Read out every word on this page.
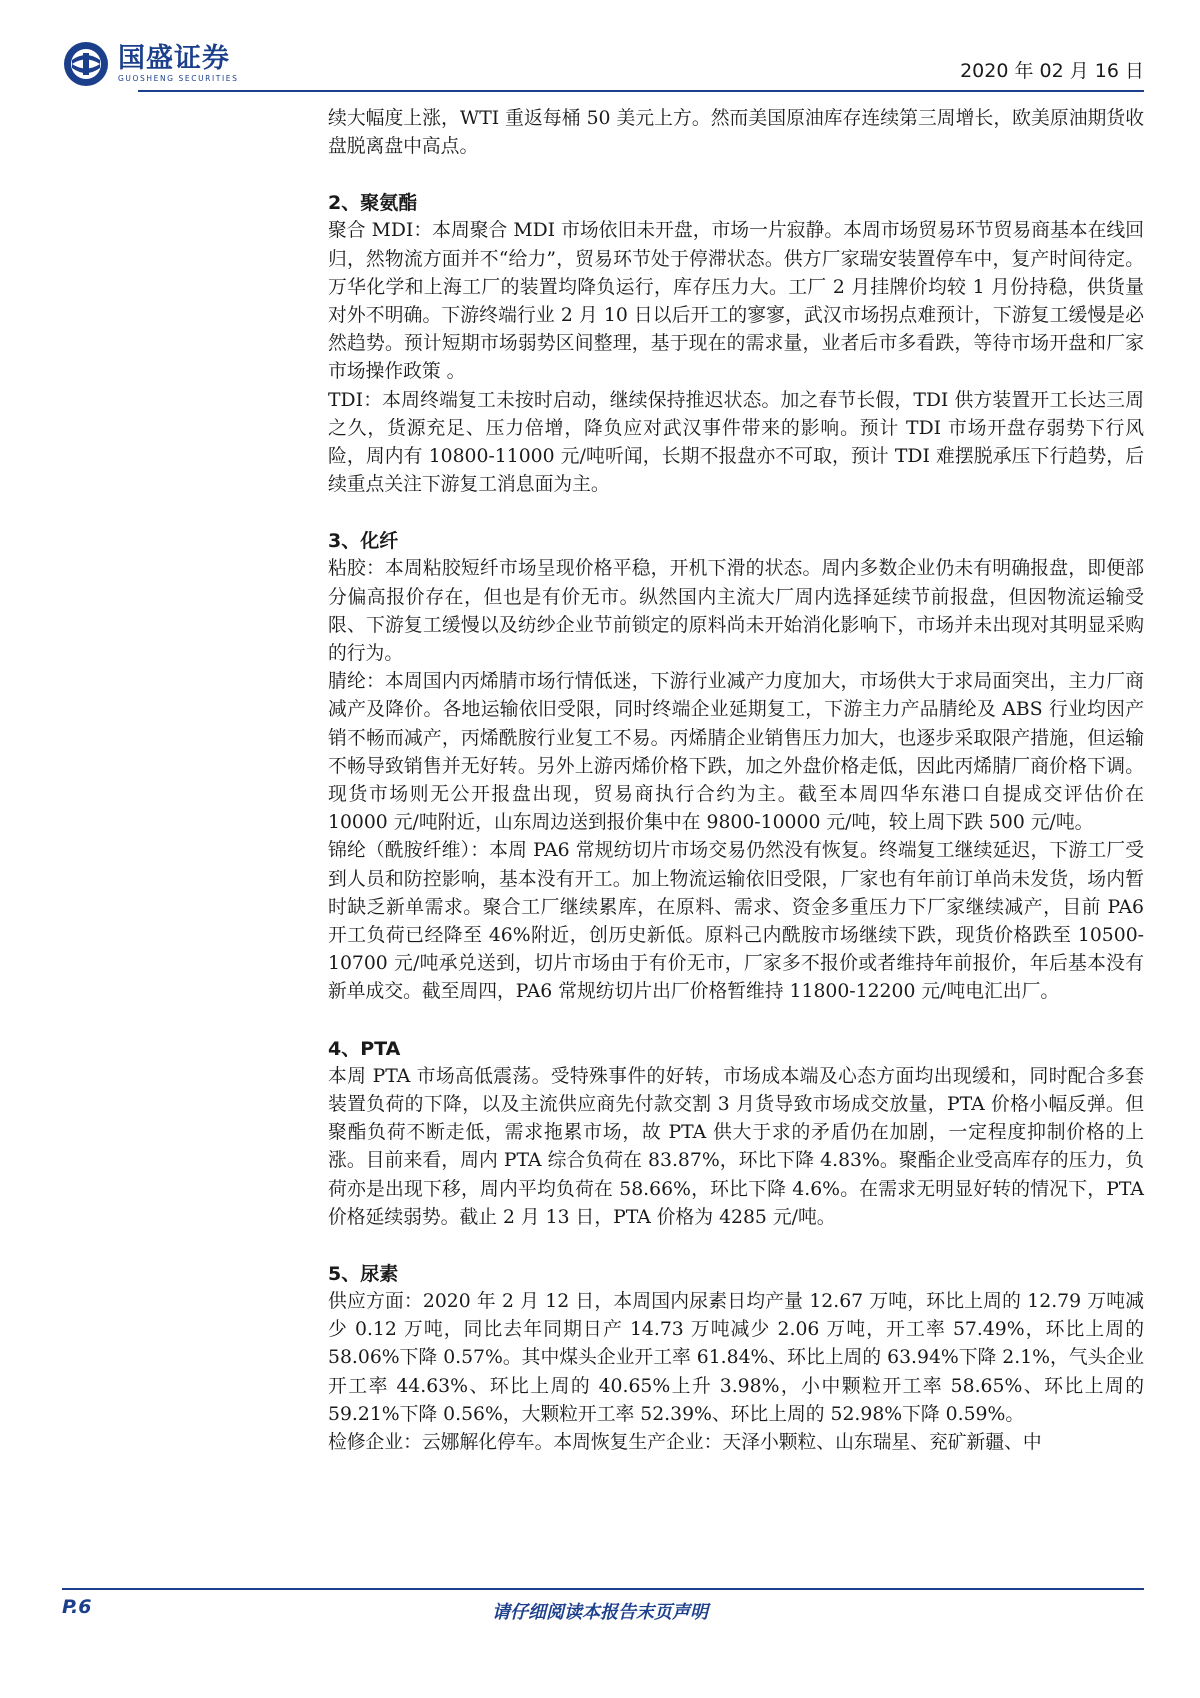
国盛证券
GUOSHENG SECURITIES	2020 年 02 月 16 日

续大幅度上涨，WTI 重返每桶 50 美元上方。然而美国原油库存连续第三周增长，欧美原油期货收盘脱离盘中高点。

2、聚氨酯

聚合 MDI：本周聚合 MDI 市场依旧未开盘，市场一片寂静。本周市场贸易环节贸易商基本在线回归，然物流方面并不“给力”，贸易环节处于停滞状态。供方厂家瑞安装置停车中，复产时间待定。万华化学和上海工厂的装置均降负运行，库存压力大。工厂 2 月挂牌价均较 1 月份持稳，供货量对外不明确。下游终端行业 2 月 10 日以后开工的寥寥，武汉市场拐点难预计，下游复工缓慢是必然趋势。预计短期市场弱势区间整理，基于现在的需求量，业者后市多看跌，等待市场开盘和厂家市场操作政策 。

TDI：本周终端复工未按时启动，继续保持推迟状态。加之春节长假，TDI 供方装置开工长达三周之久，货源充足、压力倍增，降负应对武汉事件带来的影响。预计 TDI 市场开盘存弱势下行风险，周内有 10800-11000 元/吨听闻，长期不报盘亦不可取，预计 TDI 难摆脱承压下行趋势，后续重点关注下游复工消息面为主。

3、化纤

粘胶：本周粘胶短纤市场呈现价格平稳，开机下滑的状态。周内多数企业仍未有明确报盘，即便部分偏高报价存在，但也是有价无市。纵然国内主流大厂周内选择延续节前报盘，但因物流运输受限、下游复工缓慢以及纺纱企业节前锁定的原料尚未开始消化影响下，市场并未出现对其明显采购的行为。

腈纶：本周国内丙烯腈市场行情低迷，下游行业减产力度加大，市场供大于求局面突出，主力厂商减产及降价。各地运输依旧受限，同时终端企业延期复工，下游主力产品腈纶及 ABS 行业均因产销不畅而减产，丙烯酰胺行业复工不易。丙烯腈企业销售压力加大，也逐步采取限产措施，但运输不畅导致销售并无好转。另外上游丙烯价格下跌，加之外盘价格走低，因此丙烯腈厂商价格下调。现货市场则无公开报盘出现，贸易商执行合约为主。截至本周四华东港口自提成交评估价在 10000 元/吨附近，山东周边送到报价集中在 9800-10000 元/吨，较上周下跌 500 元/吨。

锦纶（酰胺纤维）：本周 PA6 常规纺切片市场交易仍然没有恢复。终端复工继续延迟，下游工厂受到人员和防控影响，基本没有开工。加上物流运输依旧受限，厂家也有年前订单尚未发货，场内暂时缺乏新单需求。聚合工厂继续累库，在原料、需求、资金多重压力下厂家继续减产，目前 PA6 开工负荷已经降至 46%附近，创历史新低。原料己内酰胺市场继续下跌，现货价格跌至 10500-10700 元/吨承兑送到，切片市场由于有价无市，厂家多不报价或者维持年前报价，年后基本没有新单成交。截至周四，PA6 常规纺切片出厂价格暂维持 11800-12200 元/吨电汇出厂。

4、PTA

本周 PTA 市场高低震荡。受特殊事件的好转，市场成本端及心态方面均出现缓和，同时配合多套装置负荷的下降，以及主流供应商先付款交割 3 月货导致市场成交放量，PTA 价格小幅反弹。但聚酯负荷不断走低，需求拖累市场，故 PTA 供大于求的矛盾仍在加剧，一定程度抑制价格的上涨。目前来看，周内 PTA 综合负荷在 83.87%，环比下降 4.83%。聚酯企业受高库存的压力，负荷亦是出现下移，周内平均负荷在 58.66%，环比下降 4.6%。在需求无明显好转的情况下，PTA 价格延续弱势。截止 2 月 13 日，PTA 价格为 4285 元/吨。

5、尿素

供应方面：2020 年 2 月 12 日，本周国内尿素日均产量 12.67 万吨，环比上周的 12.79 万吨减少 0.12 万吨，同比去年同期日产 14.73 万吨减少 2.06 万吨，开工率 57.49%，环比上周的 58.06%下降 0.57%。其中煤头企业开工率 61.84%、环比上周的 63.94%下降 2.1%，气头企业开工率 44.63%、环比上周的 40.65%上升 3.98%，小中颗粒开工率 58.65%、环比上周的 59.21%下降 0.56%，大颗粒开工率 52.39%、环比上周的 52.98%下降 0.59%。

检修企业：云娜解化停车。本周恢复生产企业：天泽小颗粒、山东瑞星、兖矿新疆、中

P.6	请仔细阅读本报告末页声明
